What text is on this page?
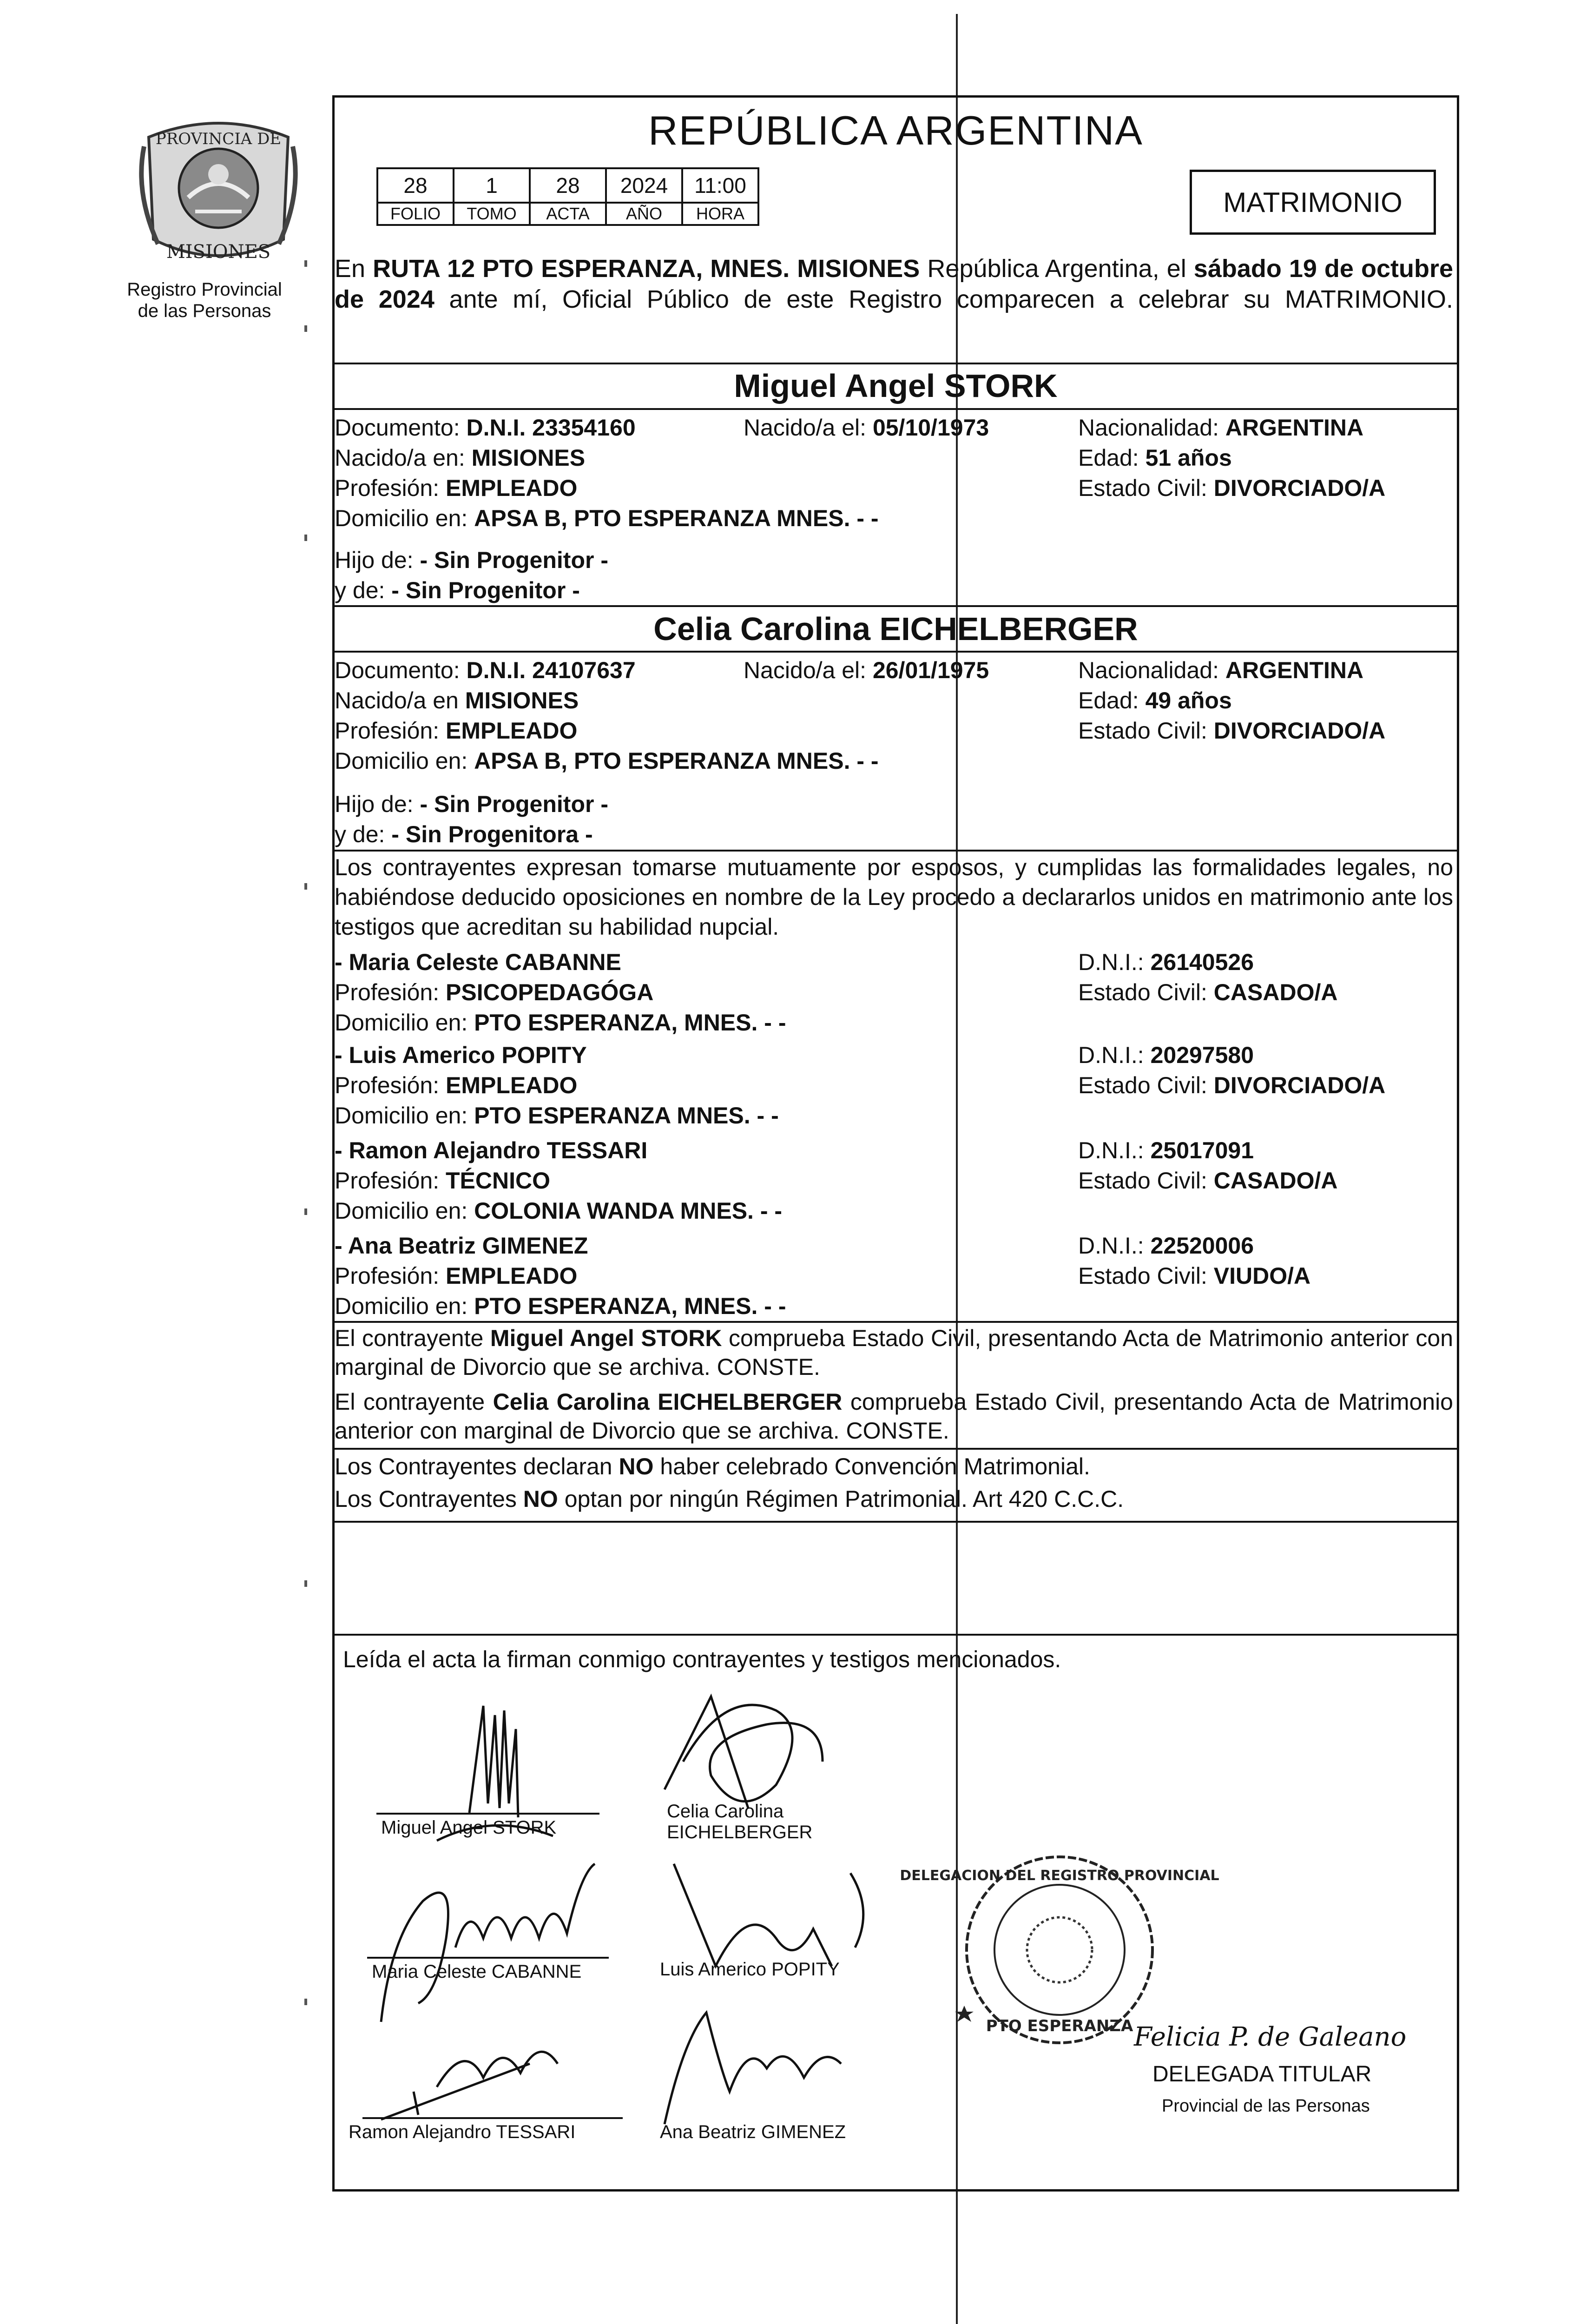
PROVINCIA DE
MISIONES
Registro Provincial
de las Personas
REPÚBLICA ARGENTINA
28	1	28	2024	11:00
FOLIO	TOMO	ACTA	AÑO	HORA	MATRIMONIO
En RUTA 12 PTO ESPERANZA, MNES. MISIONES República Argentina, el sábado 19 de octubre de 2024 ante mí, Oficial Público de este Registro comparecen a celebrar su MATRIMONIO.
Miguel Angel STORK
Documento: D.N.I. 23354160	Nacido/a el: 05/10/1973	Nacionalidad: ARGENTINA
Nacido/a en: MISIONES	Edad: 51 años
Profesión: EMPLEADO	Estado Civil: DIVORCIADO/A
Domicilio en: APSA B, PTO ESPERANZA MNES. - -
Hijo de: - Sin Progenitor -
y de: - Sin Progenitor -
Celia Carolina EICHELBERGER
Documento: D.N.I. 24107637	Nacido/a el: 26/01/1975	Nacionalidad: ARGENTINA
Nacido/a en MISIONES	Edad: 49 años
Profesión: EMPLEADO	Estado Civil: DIVORCIADO/A
Domicilio en: APSA B, PTO ESPERANZA MNES. - -
Hijo de: - Sin Progenitor -
y de: - Sin Progenitora -
Los contrayentes expresan tomarse mutuamente por esposos, y cumplidas las formalidades legales, no habiéndose deducido oposiciones en nombre de la Ley procedo a declararlos unidos en matrimonio ante los testigos que acreditan su habilidad nupcial.
- Maria Celeste CABANNE	D.N.I.: 26140526
Profesión: PSICOPEDAGÓGA	Estado Civil: CASADO/A
Domicilio en: PTO ESPERANZA, MNES. - -
- Luis Americo POPITY	D.N.I.: 20297580
Profesión: EMPLEADO	Estado Civil: DIVORCIADO/A
Domicilio en: PTO ESPERANZA MNES. - -
- Ramon Alejandro TESSARI	D.N.I.: 25017091
Profesión: TÉCNICO	Estado Civil: CASADO/A
Domicilio en: COLONIA WANDA MNES. - -
- Ana Beatriz GIMENEZ	D.N.I.: 22520006
Profesión: EMPLEADO	Estado Civil: VIUDO/A
Domicilio en: PTO ESPERANZA, MNES. - -
El contrayente Miguel Angel STORK comprueba Estado Civil, presentando Acta de Matrimonio anterior con marginal de Divorcio que se archiva. CONSTE.
El contrayente Celia Carolina EICHELBERGER comprueba Estado Civil, presentando Acta de Matrimonio anterior con marginal de Divorcio que se archiva. CONSTE.
Los Contrayentes declaran NO haber celebrado Convención Matrimonial.
Los Contrayentes NO optan por ningún Régimen Patrimonial. Art 420 C.C.C.
Leída el acta la firman conmigo contrayentes y testigos mencionados.
Miguel Angel STORK
Celia Carolina
EICHELBERGER
Maria Celeste CABANNE	Luis Americo POPITY
Ramon Alejandro TESSARI	Ana Beatriz GIMENEZ
DELEGACION DEL REGISTRO PROVINCIAL
PTO ESPERANZA Felicia P. de Galeano
DELEGADA TITULAR
Provincial de las Personas
